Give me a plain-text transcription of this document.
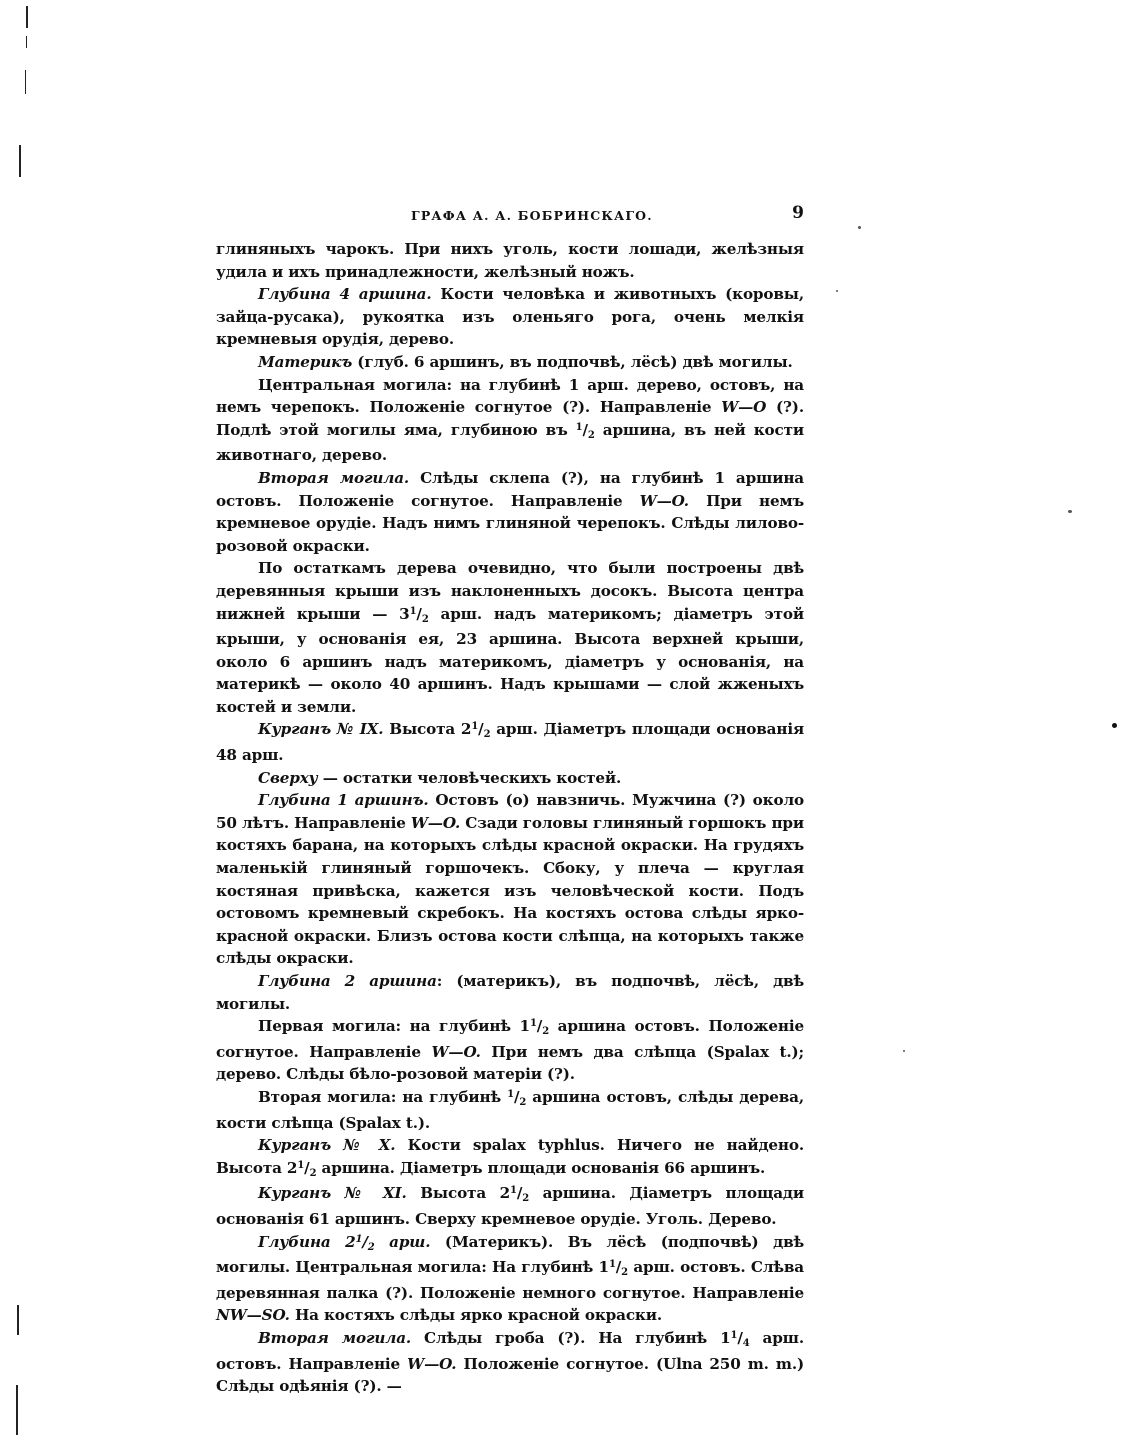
ГРАФА А. А. БОБРИНСКАГО.	9

глиняныхъ чарокъ. При нихъ уголь, кости лошади, желѣзныя удила и ихъ принадлежности, желѣзный ножъ.

Глубина 4 аршина. Кости человѣка и животныхъ (коровы, зайца-русака), рукоятка изъ оленьяго рога, очень мелкія кремневыя орудія, дерево.

Материкъ (глуб. 6 аршинъ, въ подпочвѣ, лёсѣ) двѣ могилы.

Центральная могила: на глубинѣ 1 арш. дерево, остовъ, на немъ черепокъ. Положеніе согнутое (?). Направленіе W—O (?). Подлѣ этой могилы яма, глубиною въ $^1$/2 аршина, въ ней кости животнаго, дерево.

Вторая могила. Слѣды склепа (?), на глубинѣ 1 аршина остовъ. Положеніе согнутое. Направленіе W—O. При немъ кремневое орудіе. Надъ нимъ глиняной черепокъ. Слѣды лилово-розовой окраски.

По остаткамъ дерева очевидно, что были построены двѣ деревянныя крыши изъ наклоненныхъ досокъ. Высота центра нижней крыши — $3^1/2$ арш. надъ материкомъ; діаметръ этой крыши, у основанія ея, 23 аршина. Высота верхней крыши, около 6 аршинъ надъ материкомъ, діаметръ у основанія, на материкѣ — около 40 аршинъ. Надъ крышами — слой жженыхъ костей и земли.

Курганъ № IX. Высота $2^1/2$ арш. Діаметръ площади основанія 48 арш.

Сверху — остатки человѣческихъ костей.

Глубина 1 аршинъ. Остовъ (о) навзничь. Мужчина (?) около 50 лѣтъ. Направленіе W—O. Сзади головы глиняный горшокъ при костяхъ барана, на которыхъ слѣды красной окраски. На грудяхъ маленькій глиняный горшочекъ. Сбоку, у плеча — круглая костяная привѣска, кажется изъ человѣческой кости. Подъ остовомъ кремневый скребокъ. На костяхъ остова слѣды ярко-красной окраски. Близъ остова кости слѣпца, на которыхъ также слѣды окраски.

Глубина 2 аршина: (материкъ), въ подпочвѣ, лёсѣ, двѣ могилы.

Первая могила: на глубинѣ $1^1/2$ аршина остовъ. Положеніе согнутое. Направленіе W—O. При немъ два слѣпца (Spalax t.); дерево. Слѣды бѣло-розовой матеріи (?).

Вторая могила: на глубинѣ $^1$/2 аршина остовъ, слѣды дерева, кости слѣпца (Spalax t.).

Курганъ № X. Кости spalax typhlus. Ничего не найдено. Высота $2^1/2$ аршина. Діаметръ площади основанія 66 аршинъ.

Курганъ № XI. Высота $2^1/2$ аршина. Діаметръ площади основанія 61 аршинъ. Сверху кремневое орудіе. Уголь. Дерево.

Глубина $2^1/2$ арш. (Материкъ). Въ лёсѣ (подпочвѣ) двѣ могилы. Центральная могила: На глубинѣ $1^1/2$ арш. остовъ. Слѣва деревянная палка (?). Положеніе немного согнутое. Направленіе NW—SO. На костяхъ слѣды ярко красной окраски.

Вторая могила. Слѣды гроба (?). На глубинѣ $1^1/4$ арш. остовъ. Направленіе W—O. Положеніе согнутое. (Ulna 250 m. m.) Слѣды одѣянія (?). —
